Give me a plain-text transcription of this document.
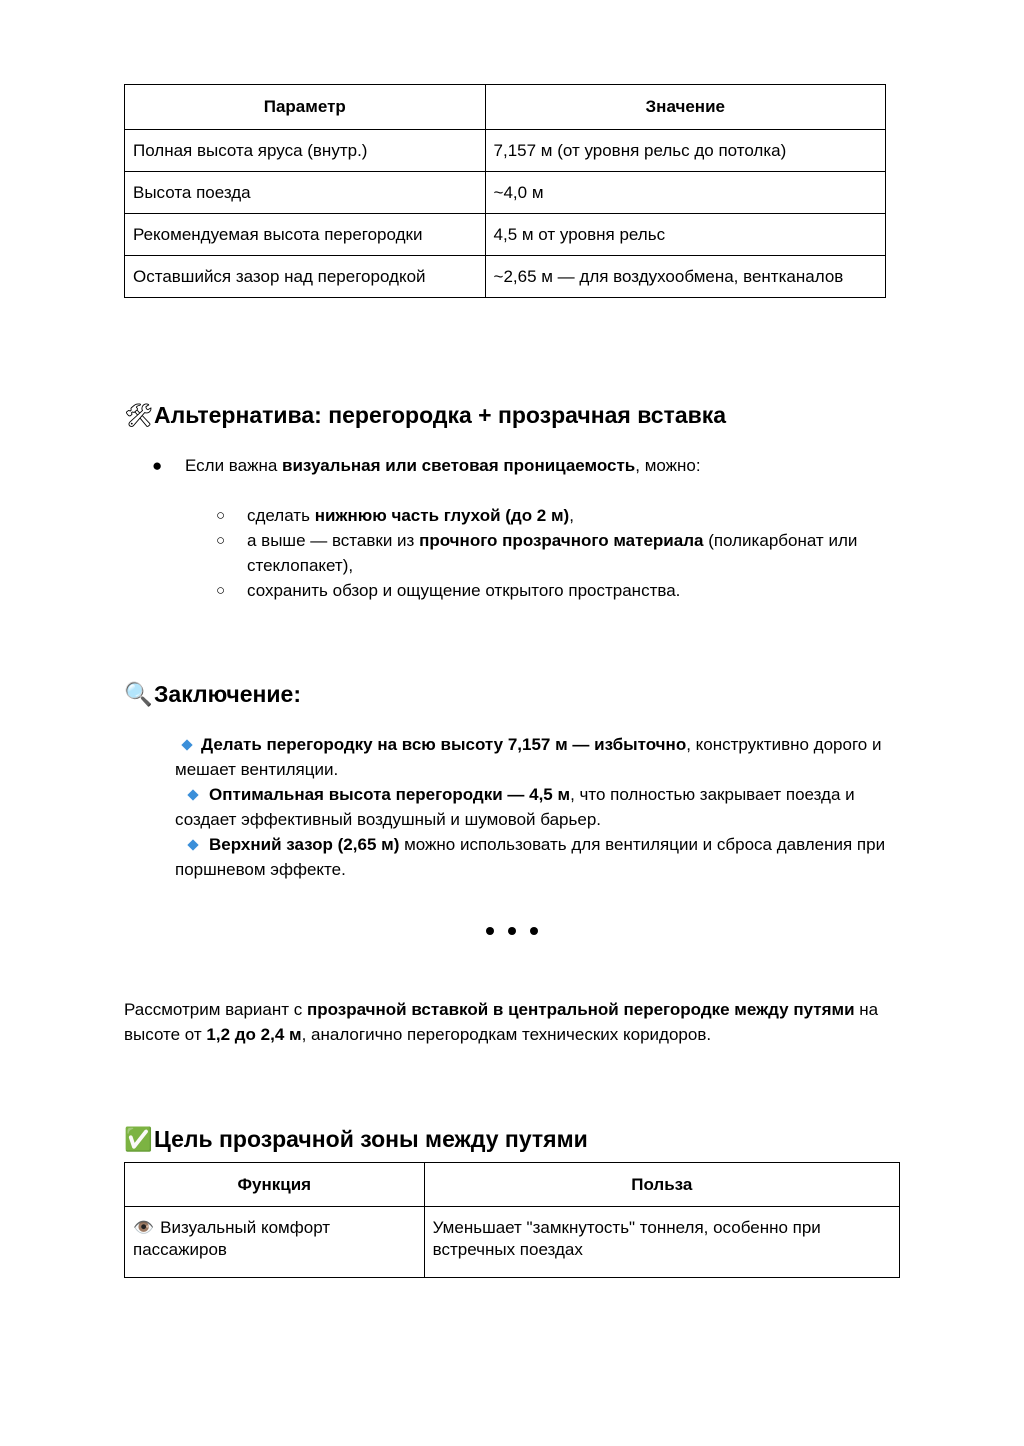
Параметр	Значение
Полная высота яруса (внутр.)	7,157 м (от уровня рельс до потолка)
Высота поезда	~4,0 м
Рекомендуемая высота перегородки	4,5 м от уровня рельс
Оставшийся зазор над перегородкой	~2,65 м — для воздухообмена, вентканалов
🛠Альтернатива: перегородка + прозрачная вставка
● Если важна визуальная или световая проницаемость, можно:
○ сделать нижнюю часть глухой (до 2 м),
○ а выше — вставки из прочного прозрачного материала (поликарбонат или стеклопакет),
○ сохранить обзор и ощущение открытого пространства.
🔍Заключение:
Делать перегородку на всю высоту 7,157 м — избыточно, конструктивно дорого и мешает вентиляции.
Оптимальная высота перегородки — 4,5 м, что полностью закрывает поезда и создает эффективный воздушный и шумовой барьер.
Верхний зазор (2,65 м) можно использовать для вентиляции и сброса давления при поршневом эффекте.
Рассмотрим вариант с прозрачной вставкой в центральной перегородке между путями на высоте от 1,2 до 2,4 м, аналогично перегородкам технических коридоров.
✅Цель прозрачной зоны между путями
Функция	Польза
👁️ Визуальный комфорт пассажиров	Уменьшает "замкнутость" тоннеля, особенно при встречных поездах
